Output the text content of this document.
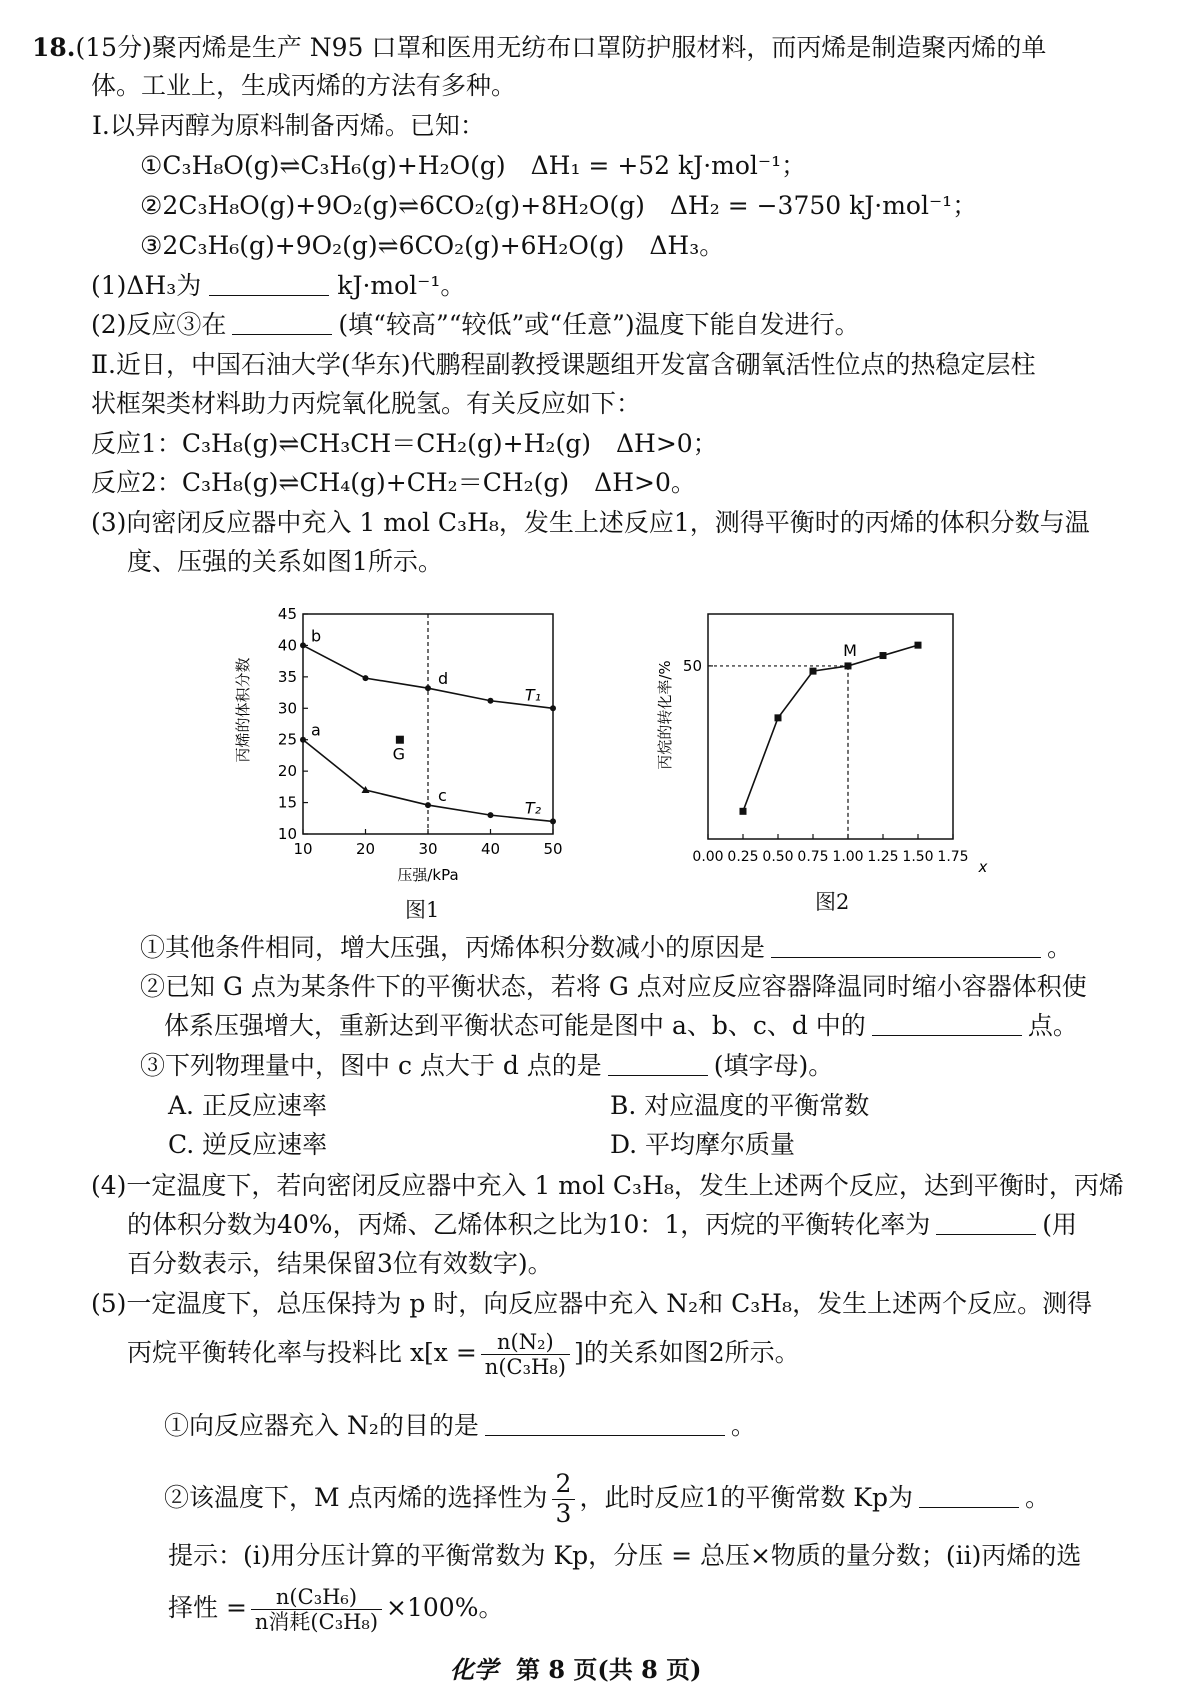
18.(15分)聚丙烯是生产 N95 口罩和医用无纺布口罩防护服材料，而丙烯是制造聚丙烯的单
体。工业上，生成丙烯的方法有多种。
Ⅰ.以异丙醇为原料制备丙烯。已知：
①C₃H₈O(g)⇌C₃H₆(g)+H₂O(g)　ΔH₁ = +52 kJ·mol⁻¹；
②2C₃H₈O(g)+9O₂(g)⇌6CO₂(g)+8H₂O(g)　ΔH₂ = −3750 kJ·mol⁻¹；
③2C₃H₆(g)+9O₂(g)⇌6CO₂(g)+6H₂O(g)　ΔH₃。
(1)ΔH₃为	kJ·mol⁻¹。
(2)反应③在	(填“较高”“较低”或“任意”)温度下能自发进行。
Ⅱ.近日，中国石油大学(华东)代鹏程副教授课题组开发富含硼氧活性位点的热稳定层柱
状框架类材料助力丙烷氧化脱氢。有关反应如下：
反应1：C₃H₈(g)⇌CH₃CH＝CH₂(g)+H₂(g)　ΔH>0；
反应2：C₃H₈(g)⇌CH₄(g)+CH₂＝CH₂(g)　ΔH>0。
(3)向密闭反应器中充入 1 mol C₃H₈，发生上述反应1，测得平衡时的丙烯的体积分数与温
度、压强的关系如图1所示。
丙烯的体积分数
10
15
20
25
30
35
40
45
10	20	30	40	50
T₁
T₂
b
d
a
c
G
压强/kPa
图1
丙烷的转化率/% 50
0.00 0.25 0.50 0.75 1.00 1.25 1.50 1.75
M
x
图2
①其他条件相同，增大压强，丙烯体积分数减小的原因是	。
②已知 G 点为某条件下的平衡状态，若将 G 点对应反应容器降温同时缩小容器体积使
体系压强增大，重新达到平衡状态可能是图中 a、b、c、d 中的	点。
③下列物理量中，图中 c 点大于 d 点的是	(填字母)。
A. 正反应速率	B. 对应温度的平衡常数
C. 逆反应速率	D. 平均摩尔质量
(4)一定温度下，若向密闭反应器中充入 1 mol C₃H₈，发生上述两个反应，达到平衡时，丙烯
的体积分数为40%，丙烯、乙烯体积之比为10：1，丙烷的平衡转化率为	(用
百分数表示，结果保留3位有效数字)。
(5)一定温度下，总压保持为 p 时，向反应器中充入 N₂和 C₃H₈，发生上述两个反应。测得
丙烷平衡转化率与投料比 $x[x = \frac{\text{n(N₂)}}{\text{n(C₃H₈)}}$ ]的关系如图2所示。
①向反应器充入 N₂的目的是	。
②该温度下，M 点丙烯的选择性为 $\frac{2}{3}$ ，此时反应1的平衡常数 Kp为	。
提示：(i)用分压计算的平衡常数为 Kp，分压 = 总压×物质的量分数；(ii)丙烯的选
择性 = $\frac{\text{n(C₃H₆)}}{\text{n消耗(C₃H₈)}} \times 100\%$。
化学 第 8 页(共 8 页)
